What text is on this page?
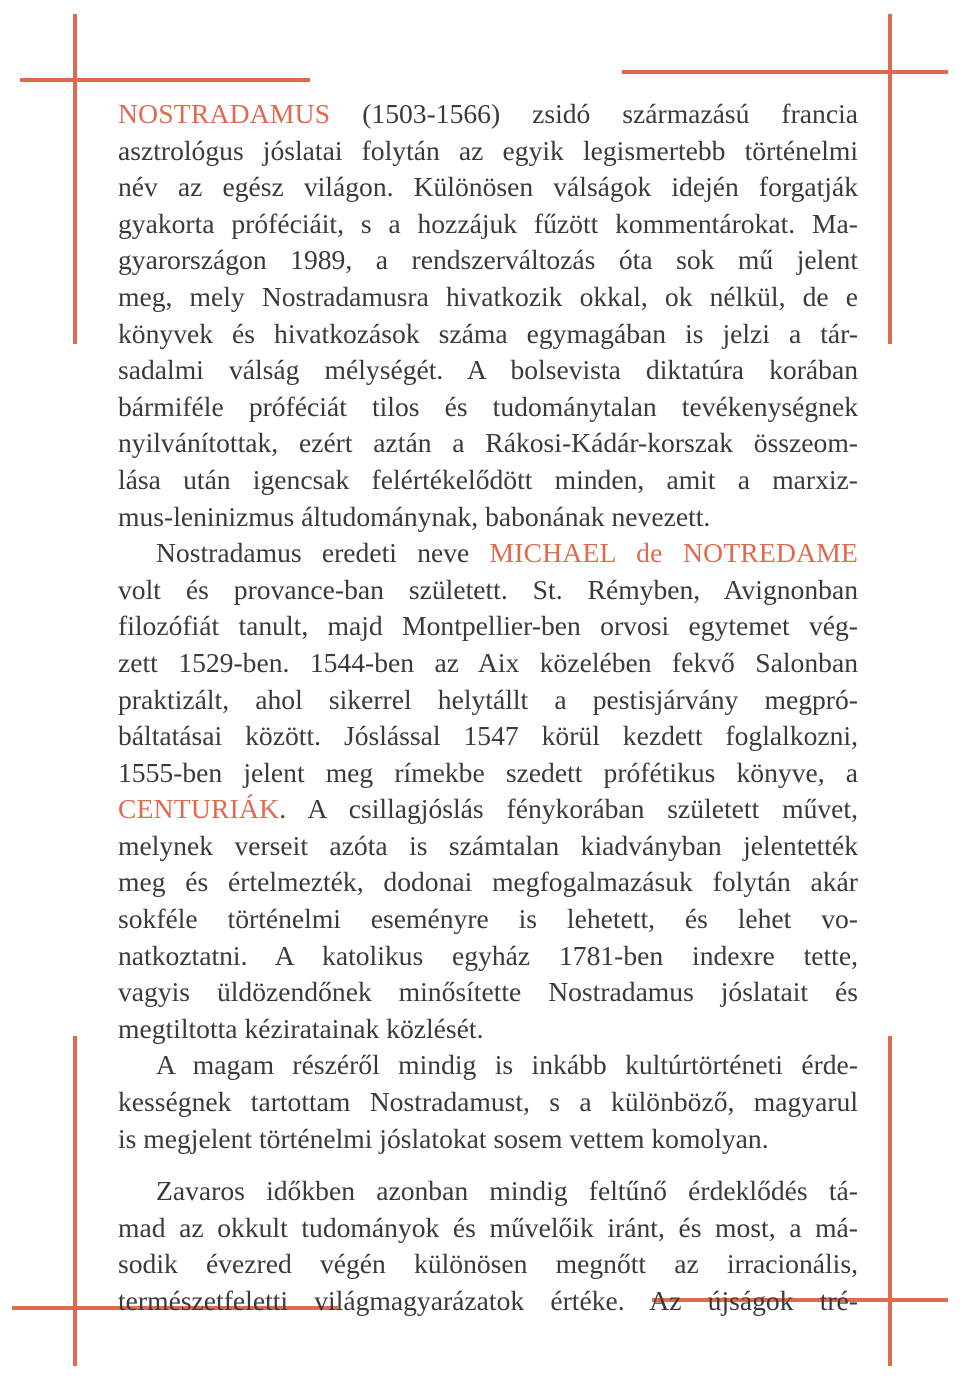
NOSTRADAMUS (1503-1566) zsidó származású francia
asztrológus jóslatai folytán az egyik legismertebb történelmi
név az egész világon. Különösen válságok idején forgatják
gyakorta próféciáit, s a hozzájuk fűzött kommentárokat. Ma-
gyarországon 1989, a rendszerváltozás óta sok mű jelent
meg, mely Nostradamusra hivatkozik okkal, ok nélkül, de e
könyvek és hivatkozások száma egymagában is jelzi a tár-
sadalmi válság mélységét. A bolsevista diktatúra korában
bármiféle próféciát tilos és tudománytalan tevékenységnek
nyilvánítottak, ezért aztán a Rákosi-Kádár-korszak összeom-
lása után igencsak felértékelődött minden, amit a marxiz-
mus-leninizmus áltudománynak, babonának nevezett.
Nostradamus eredeti neve MICHAEL de NOTREDAME
volt és provance-ban született. St. Rémyben, Avignonban
filozófiát tanult, majd Montpellier-ben orvosi egytemet vég-
zett 1529-ben. 1544-ben az Aix közelében fekvő Salonban
praktizált, ahol sikerrel helytállt a pestisjárvány megpró-
báltatásai között. Jóslással 1547 körül kezdett foglalkozni,
1555-ben jelent meg rímekbe szedett prófétikus könyve, a
CENTURIÁK. A csillagjóslás fénykorában született művet,
melynek verseit azóta is számtalan kiadványban jelentették
meg és értelmezték, dodonai megfogalmazásuk folytán akár
sokféle történelmi eseményre is lehetett, és lehet vo-
natkoztatni. A katolikus egyház 1781-ben indexre tette,
vagyis üldözendőnek minősítette Nostradamus jóslatait és
megtiltotta kéziratainak közlését.
A magam részéről mindig is inkább kultúrtörténeti érde-
kességnek tartottam Nostradamust, s a különböző, magyarul
is megjelent történelmi jóslatokat sosem vettem komolyan.
Zavaros időkben azonban mindig feltűnő érdeklődés tá-
mad az okkult tudományok és művelőik iránt, és most, a má-
sodik évezred végén különösen megnőtt az irracionális,
természetfeletti világmagyarázatok értéke. Az újságok tré-
